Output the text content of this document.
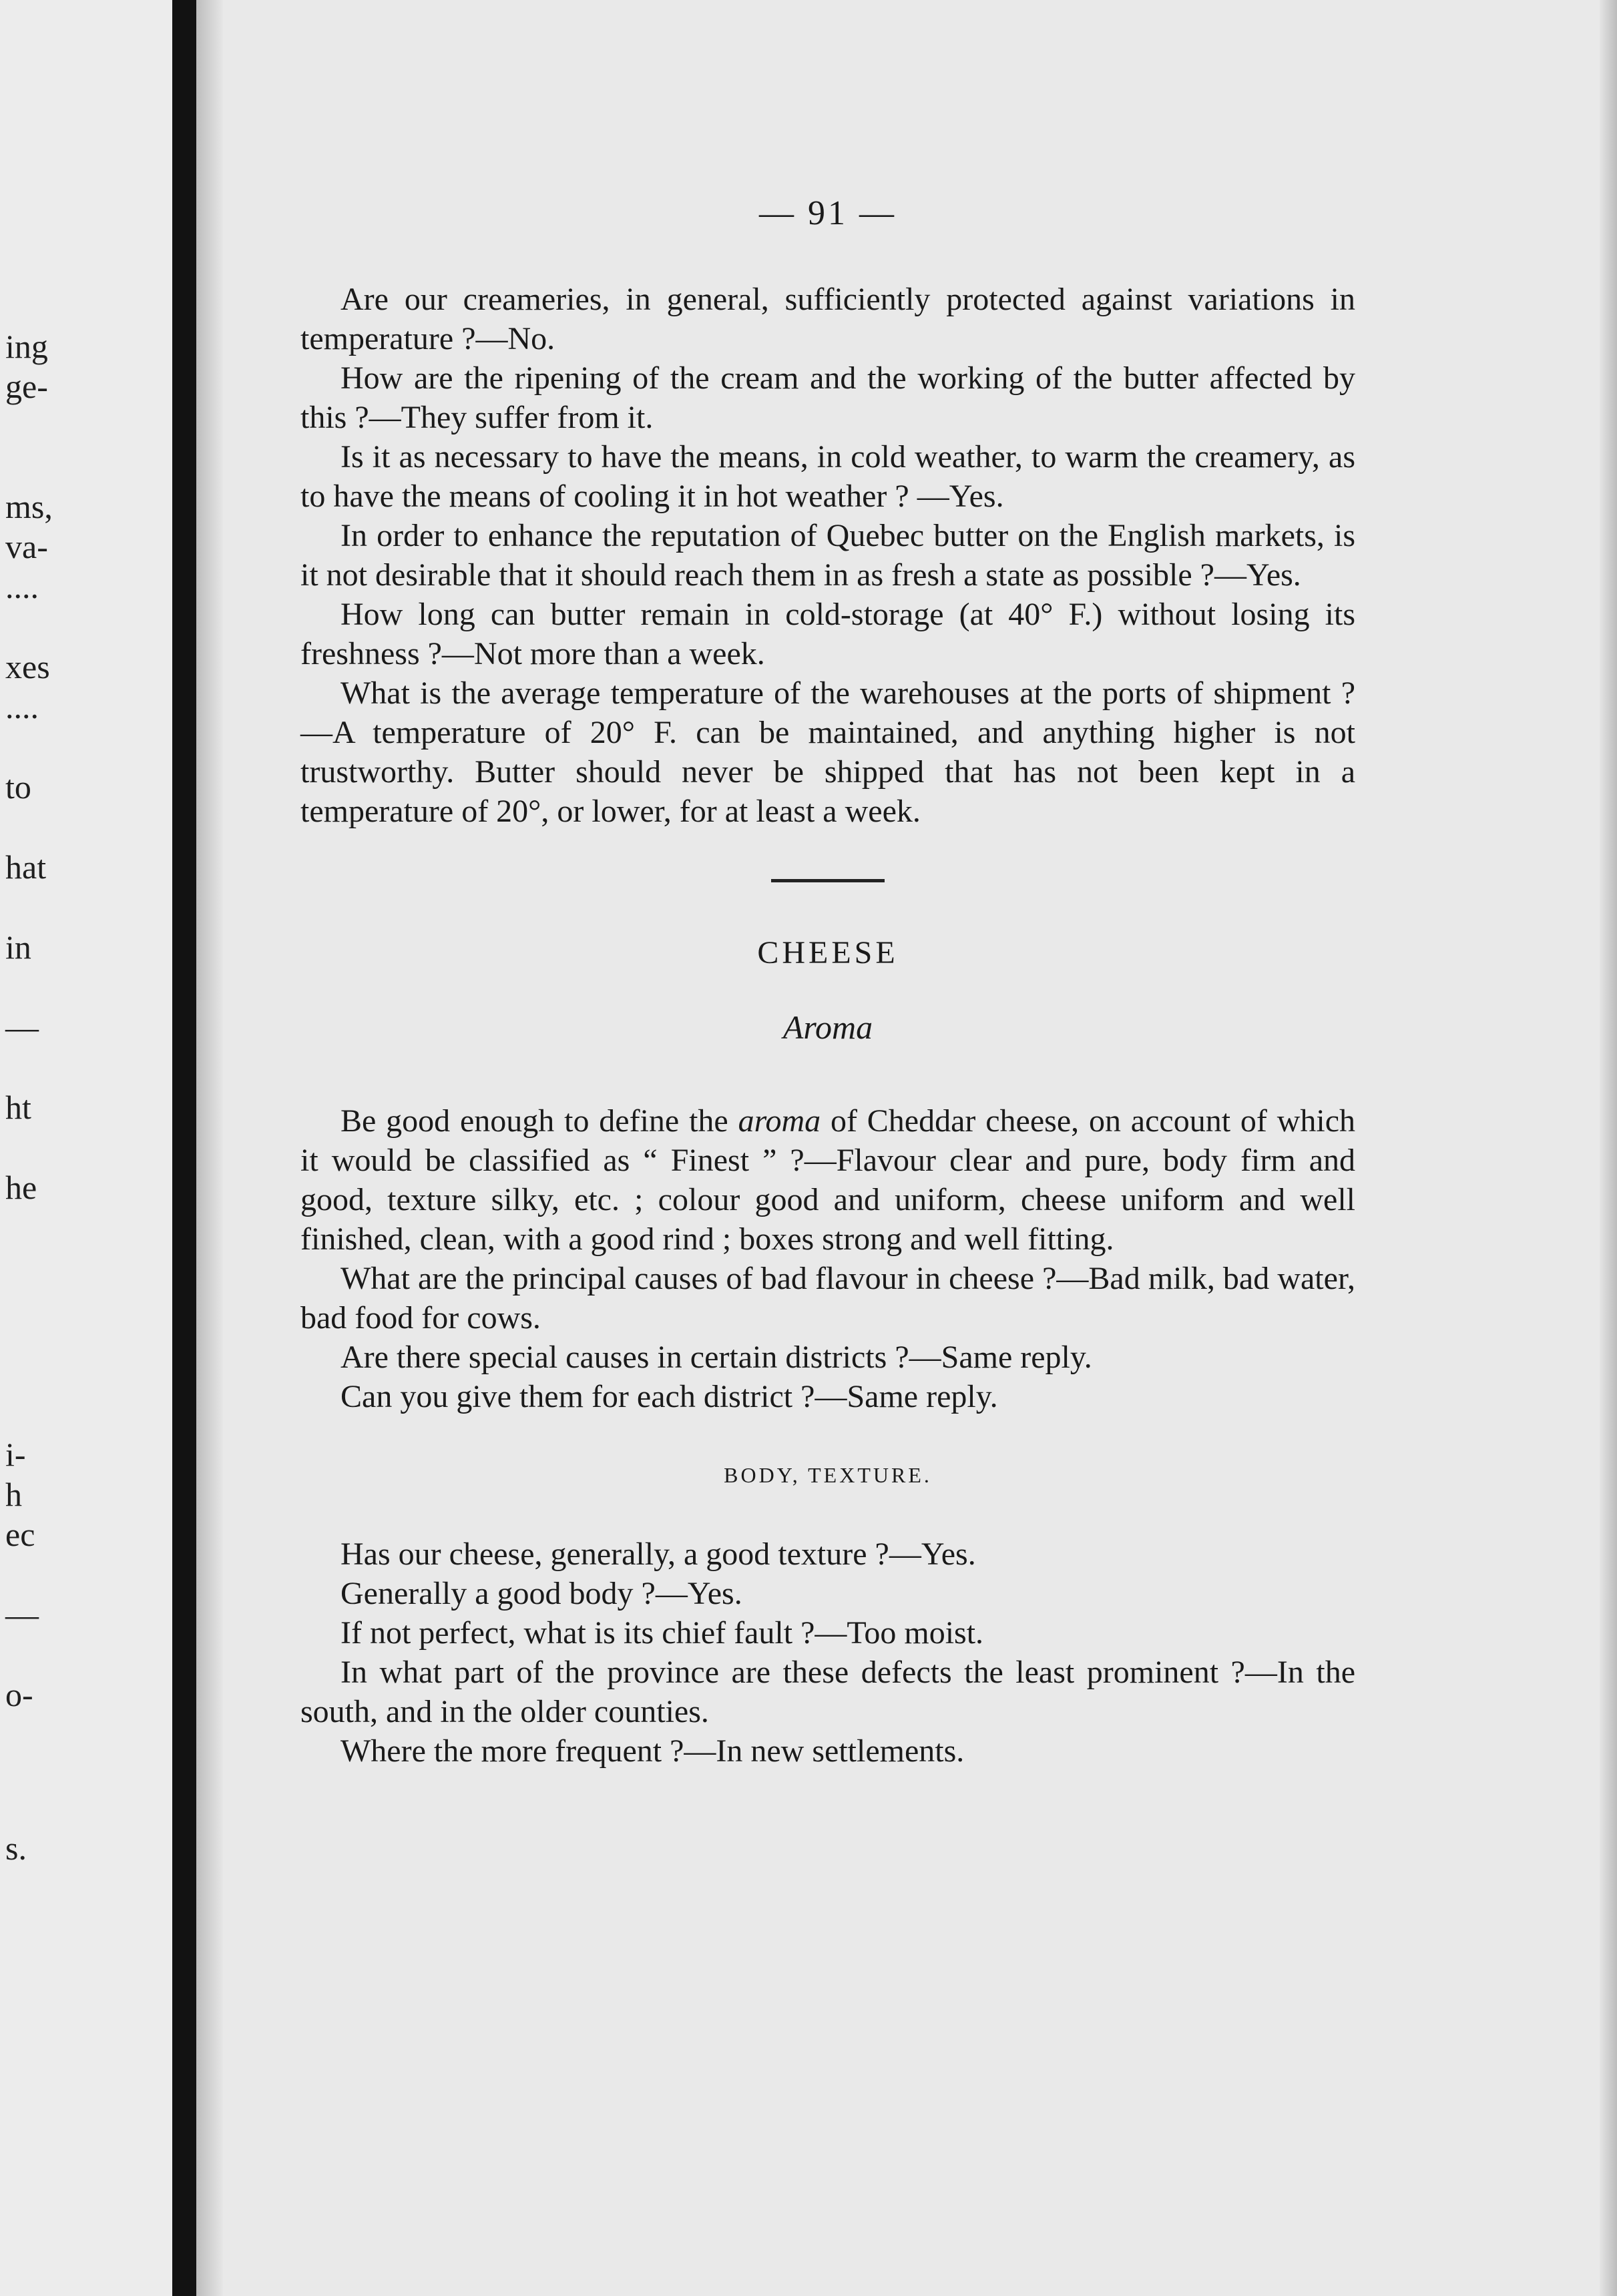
ing
ge-
ms,
va-
....
xes
....
to
hat
in
—
ht
he
i-
h
ec
—
o-
s.
— 91 —

Are our creameries, in general, sufficiently protected against variations in temperature ?—No.

How are the ripening of the cream and the working of the butter affected by this ?—They suffer from it.

Is it as necessary to have the means, in cold weather, to warm the creamery, as to have the means of cooling it in hot weather ? —Yes.

In order to enhance the reputation of Quebec butter on the English markets, is it not desirable that it should reach them in as fresh a state as possible ?—Yes.

How long can butter remain in cold-storage (at 40° F.) without losing its freshness ?—Not more than a week.

What is the average temperature of the warehouses at the ports of shipment ?—A temperature of 20° F. can be maintained, and anything higher is not trustworthy. Butter should never be shipped that has not been kept in a temperature of 20°, or lower, for at least a week.

CHEESE
Aroma

Be good enough to define the aroma of Cheddar cheese, on account of which it would be classified as “ Finest ” ?—Flavour clear and pure, body firm and good, texture silky, etc. ; colour good and uniform, cheese uniform and well finished, clean, with a good rind ; boxes strong and well fitting.

What are the principal causes of bad flavour in cheese ?—Bad milk, bad water, bad food for cows.

Are there special causes in certain districts ?—Same reply.

Can you give them for each district ?—Same reply.

BODY, TEXTURE.

Has our cheese, generally, a good texture ?—Yes.

Generally a good body ?—Yes.

If not perfect, what is its chief fault ?—Too moist.

In what part of the province are these defects the least prominent ?—In the south, and in the older counties.

Where the more frequent ?—In new settlements.
